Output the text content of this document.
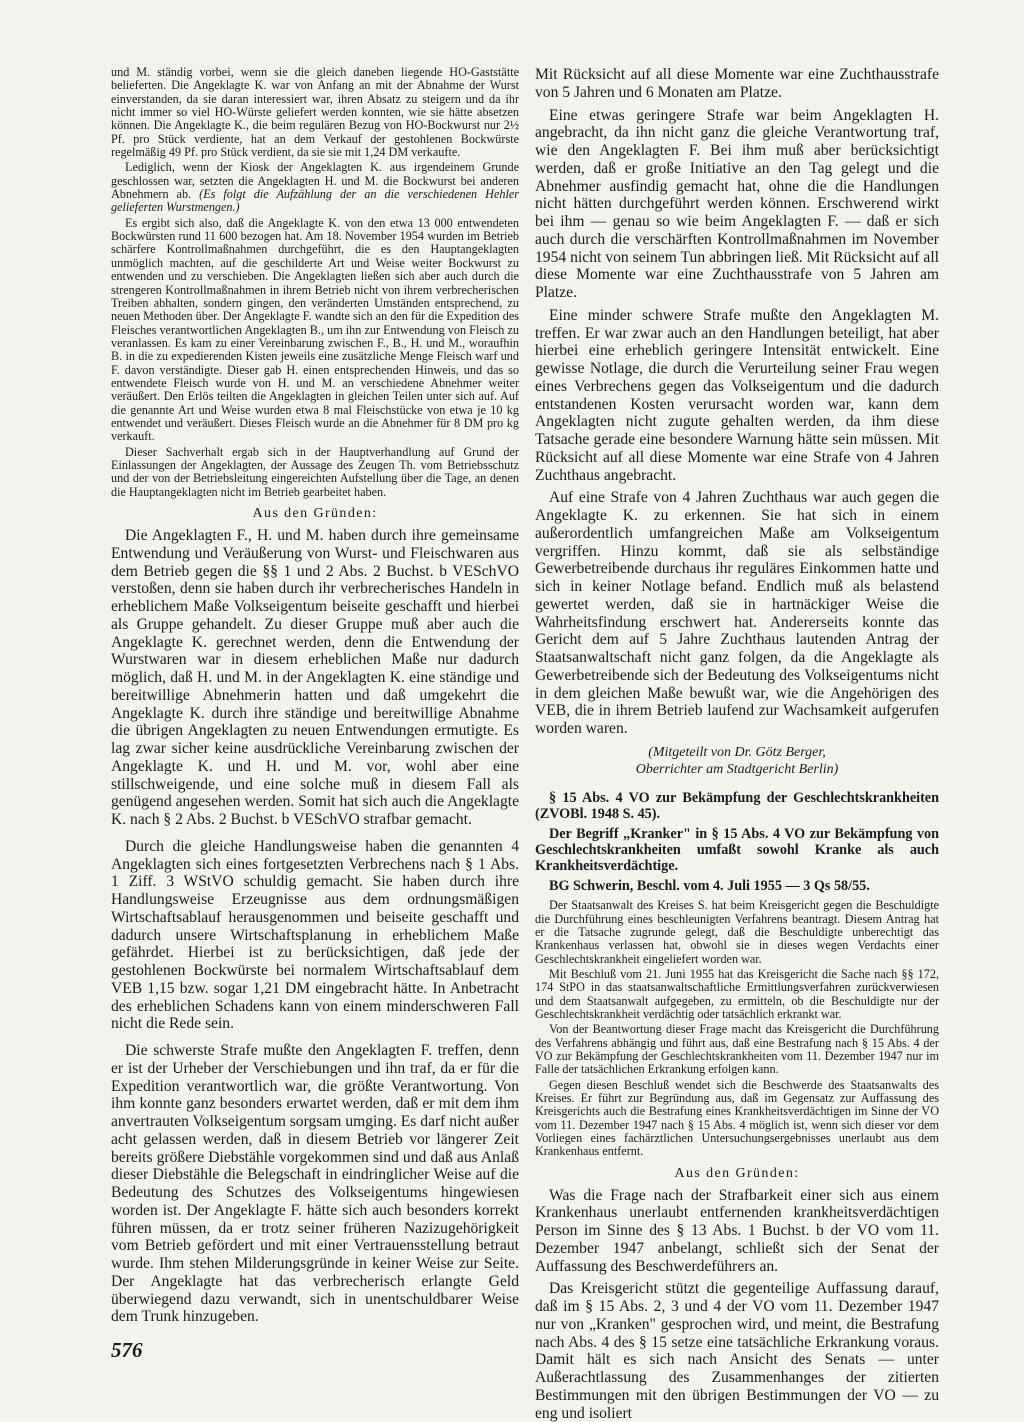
und M. ständig vorbei, wenn sie die gleich daneben liegende HO-Gaststätte belieferten. Die Angeklagte K. war von Anfang an mit der Abnahme der Wurst einverstanden, da sie daran interessiert war, ihren Absatz zu steigern und da ihr nicht immer so viel HO-Würste geliefert werden konnten, wie sie hätte absetzen können. Die Angeklagte K., die beim regulären Bezug von HO-Bockwurst nur 2½ Pf. pro Stück verdiente, hat an dem Verkauf der gestohlenen Bockwürste regelmäßig 49 Pf. pro Stück verdient, da sie sie mit 1,24 DM verkaufte.

Lediglich, wenn der Kiosk der Angeklagten K. aus irgendeinem Grunde geschlossen war, setzten die Angeklagten H. und M. die Bockwurst bei anderen Abnehmern ab. (Es folgt die Aufzählung der an die verschiedenen Hehler gelieferten Wurstmengen.)

Es ergibt sich also, daß die Angeklagte K. von den etwa 13 000 entwendeten Bockwürsten rund 11 600 bezogen hat. Am 18. November 1954 wurden im Betrieb schärfere Kontrollmaßnahmen durchgeführt, die es den Hauptangeklagten unmöglich machten, auf die geschilderte Art und Weise weiter Bockwurst zu entwenden und zu verschieben. Die Angeklagten ließen sich aber auch durch die strengeren Kontrollmaßnahmen in ihrem Betrieb nicht von ihrem verbrecherischen Treiben abhalten, sondern gingen, den veränderten Umständen entsprechend, zu neuen Methoden über. Der Angeklagte F. wandte sich an den für die Expedition des Fleisches verantwortlichen Angeklagten B., um ihn zur Entwendung von Fleisch zu veranlassen. Es kam zu einer Vereinbarung zwischen F., B., H. und M., woraufhin B. in die zu expedierenden Kisten jeweils eine zusätzliche Menge Fleisch warf und F. davon verständigte. Dieser gab H. einen entsprechenden Hinweis, und das so entwendete Fleisch wurde von H. und M. an verschiedene Abnehmer weiter veräußert. Den Erlös teilten die Angeklagten in gleichen Teilen unter sich auf. Auf die genannte Art und Weise wurden etwa 8 mal Fleischstücke von etwa je 10 kg entwendet und veräußert. Dieses Fleisch wurde an die Abnehmer für 8 DM pro kg verkauft.

Dieser Sachverhalt ergab sich in der Hauptverhandlung auf Grund der Einlassungen der Angeklagten, der Aussage des Zeugen Th. vom Betriebsschutz und der von der Betriebsleitung eingereichten Aufstellung über die Tage, an denen die Hauptangeklagten nicht im Betrieb gearbeitet haben.

Aus den Gründen:

Die Angeklagten F., H. und M. haben durch ihre gemeinsame Entwendung und Veräußerung von Wurst- und Fleischwaren aus dem Betrieb gegen die §§ 1 und 2 Abs. 2 Buchst. b VESchVO verstoßen, denn sie haben durch ihr verbrecherisches Handeln in erheblichem Maße Volkseigentum beiseite geschafft und hierbei als Gruppe gehandelt. Zu dieser Gruppe muß aber auch die Angeklagte K. gerechnet werden, denn die Entwendung der Wurstwaren war in diesem erheblichen Maße nur dadurch möglich, daß H. und M. in der Angeklagten K. eine ständige und bereitwillige Abnehmerin hatten und daß umgekehrt die Angeklagte K. durch ihre ständige und bereitwillige Abnahme die übrigen Angeklagten zu neuen Entwendungen ermutigte. Es lag zwar sicher keine ausdrückliche Vereinbarung zwischen der Angeklagte K. und H. und M. vor, wohl aber eine stillschweigende, und eine solche muß in diesem Fall als genügend angesehen werden. Somit hat sich auch die Angeklagte K. nach § 2 Abs. 2 Buchst. b VESchVO strafbar gemacht.

Durch die gleiche Handlungsweise haben die genannten 4 Angeklagten sich eines fortgesetzten Verbrechens nach § 1 Abs. 1 Ziff. 3 WStVO schuldig gemacht. Sie haben durch ihre Handlungsweise Erzeugnisse aus dem ordnungsmäßigen Wirtschaftsablauf herausgenommen und beiseite geschafft und dadurch unsere Wirtschaftsplanung in erheblichem Maße gefährdet. Hierbei ist zu berücksichtigen, daß jede der gestohlenen Bockwürste bei normalem Wirtschaftsablauf dem VEB 1,15 bzw. sogar 1,21 DM eingebracht hätte. In Anbetracht des erheblichen Schadens kann von einem minderschweren Fall nicht die Rede sein.

Die schwerste Strafe mußte den Angeklagten F. treffen, denn er ist der Urheber der Verschiebungen und ihn traf, da er für die Expedition verantwortlich war, die größte Verantwortung. Von ihm konnte ganz besonders erwartet werden, daß er mit dem ihm anvertrauten Volkseigentum sorgsam umging. Es darf nicht außer acht gelassen werden, daß in diesem Betrieb vor längerer Zeit bereits größere Diebstähle vorgekommen sind und daß aus Anlaß dieser Diebstähle die Belegschaft in eindringlicher Weise auf die Bedeutung des Schutzes des Volkseigentums hingewiesen worden ist. Der Angeklagte F. hätte sich auch besonders korrekt führen müssen, da er trotz seiner früheren Nazizugehörigkeit vom Betrieb gefördert und mit einer Vertrauensstellung betraut wurde. Ihm stehen Milderungsgründe in keiner Weise zur Seite. Der Angeklagte hat das verbrecherisch erlangte Geld überwiegend dazu verwandt, sich in unentschuldbarer Weise dem Trunk hinzugeben.

Mit Rücksicht auf all diese Momente war eine Zuchthausstrafe von 5 Jahren und 6 Monaten am Platze.

Eine etwas geringere Strafe war beim Angeklagten H. angebracht, da ihn nicht ganz die gleiche Verantwortung traf, wie den Angeklagten F. Bei ihm muß aber berücksichtigt werden, daß er große Initiative an den Tag gelegt und die Abnehmer ausfindig gemacht hat, ohne die die Handlungen nicht hätten durchgeführt werden können. Erschwerend wirkt bei ihm — genau so wie beim Angeklagten F. — daß er sich auch durch die verschärften Kontrollmaßnahmen im November 1954 nicht von seinem Tun abbringen ließ. Mit Rücksicht auf all diese Momente war eine Zuchthausstrafe von 5 Jahren am Platze.

Eine minder schwere Strafe mußte den Angeklagten M. treffen. Er war zwar auch an den Handlungen beteiligt, hat aber hierbei eine erheblich geringere Intensität entwickelt. Eine gewisse Notlage, die durch die Verurteilung seiner Frau wegen eines Verbrechens gegen das Volkseigentum und die dadurch entstandenen Kosten verursacht worden war, kann dem Angeklagten nicht zugute gehalten werden, da ihm diese Tatsache gerade eine besondere Warnung hätte sein müssen. Mit Rücksicht auf all diese Momente war eine Strafe von 4 Jahren Zuchthaus angebracht.

Auf eine Strafe von 4 Jahren Zuchthaus war auch gegen die Angeklagte K. zu erkennen. Sie hat sich in einem außerordentlich umfangreichen Maße am Volkseigentum vergriffen. Hinzu kommt, daß sie als selbständige Gewerbetreibende durchaus ihr reguläres Einkommen hatte und sich in keiner Notlage befand. Endlich muß als belastend gewertet werden, daß sie in hartnäckiger Weise die Wahrheitsfindung erschwert hat. Andererseits konnte das Gericht dem auf 5 Jahre Zuchthaus lautenden Antrag der Staatsanwaltschaft nicht ganz folgen, da die Angeklagte als Gewerbetreibende sich der Bedeutung des Volkseigentums nicht in dem gleichen Maße bewußt war, wie die Angehörigen des VEB, die in ihrem Betrieb laufend zur Wachsamkeit aufgerufen worden waren.

(Mitgeteilt von Dr. Götz Berger,
Oberrichter am Stadtgericht Berlin)

§ 15 Abs. 4 VO zur Bekämpfung der Geschlechtskrankheiten (ZVOBl. 1948 S. 45).

Der Begriff „Kranker" in § 15 Abs. 4 VO zur Bekämpfung von Geschlechtskrankheiten umfaßt sowohl Kranke als auch Krankheitsverdächtige.

BG Schwerin, Beschl. vom 4. Juli 1955 — 3 Qs 58/55.

Der Staatsanwalt des Kreises S. hat beim Kreisgericht gegen die Beschuldigte die Durchführung eines beschleunigten Verfahrens beantragt. Diesem Antrag hat er die Tatsache zugrunde gelegt, daß die Beschuldigte unberechtigt das Krankenhaus verlassen hat, obwohl sie in dieses wegen Verdachts einer Geschlechtskrankheit eingeliefert worden war.

Mit Beschluß vom 21. Juni 1955 hat das Kreisgericht die Sache nach §§ 172, 174 StPO in das staatsanwaltschaftliche Ermittlungsverfahren zurückverwiesen und dem Staatsanwalt aufgegeben, zu ermitteln, ob die Beschuldigte nur der Geschlechtskrankheit verdächtig oder tatsächlich erkrankt war.

Von der Beantwortung dieser Frage macht das Kreisgericht die Durchführung des Verfahrens abhängig und führt aus, daß eine Bestrafung nach § 15 Abs. 4 der VO zur Bekämpfung der Geschlechtskrankheiten vom 11. Dezember 1947 nur im Falle der tatsächlichen Erkrankung erfolgen kann.

Gegen diesen Beschluß wendet sich die Beschwerde des Staatsanwalts des Kreises. Er führt zur Begründung aus, daß im Gegensatz zur Auffassung des Kreisgerichts auch die Bestrafung eines Krankheitsverdächtigen im Sinne der VO vom 11. Dezember 1947 nach § 15 Abs. 4 möglich ist, wenn sich dieser vor dem Vorliegen eines fachärztlichen Untersuchungsergebnisses unerlaubt aus dem Krankenhaus entfernt.

Aus den Gründen:

Was die Frage nach der Strafbarkeit einer sich aus einem Krankenhaus unerlaubt entfernenden krankheitsverdächtigen Person im Sinne des § 13 Abs. 1 Buchst. b der VO vom 11. Dezember 1947 anbelangt, schließt sich der Senat der Auffassung des Beschwerdeführers an.

Das Kreisgericht stützt die gegenteilige Auffassung darauf, daß im § 15 Abs. 2, 3 und 4 der VO vom 11. Dezember 1947 nur von „Kranken" gesprochen wird, und meint, die Bestrafung nach Abs. 4 des § 15 setze eine tatsächliche Erkrankung voraus. Damit hält es sich nach Ansicht des Senats — unter Außerachtlassung des Zusammenhanges der zitierten Bestimmungen mit den übrigen Bestimmungen der VO — zu eng und isoliert

576
